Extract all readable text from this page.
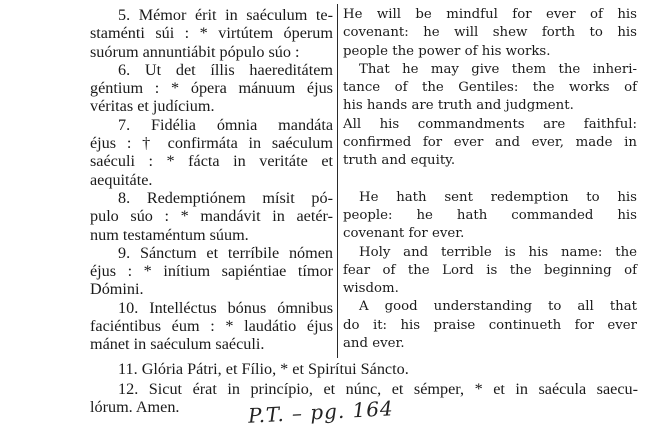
5. Mémor érit in saéculum te-
staménti súi : * virtútem óperum
suórum annuntiábit pópulo súo :

6. Ut det íllis haereditátem
géntium : * ópera mánuum éjus
véritas et judícium.

7. Fidélia ómnia mandáta
éjus : † confirmáta in saéculum
saéculi : * fácta in veritáte et
aequitáte.

8. Redemptiónem mísit pó-
pulo súo : * mandávit in aetér-
num testaméntum súum.

9. Sánctum et terríbile nómen
éjus : * inítium sapiéntiae tímor
Dómini.

10. Intelléctus bónus ómnibus
faciéntibus éum : * laudátio éjus
mánet in saéculum saéculi.

He will be mindful for ever of his
covenant: he will shew forth to his
people the power of his works.

That he may give them the inheri-
tance of the Gentiles: the works of
his hands are truth and judgment.

All his commandments are faithful:
confirmed for ever and ever, made in
truth and equity.

He hath sent redemption to his
people: he hath commanded his
covenant for ever.

Holy and terrible is his name: the
fear of the Lord is the beginning of
wisdom.

A good understanding to all that
do it: his praise continueth for ever
and ever.

11. Glória Pátri, et Fílio, * et Spirítui Sáncto.
12. Sicut érat in princípio, et núnc, et sémper, * et in saécula saecu-
lórum. Amen.	P.T. – pg. 164
